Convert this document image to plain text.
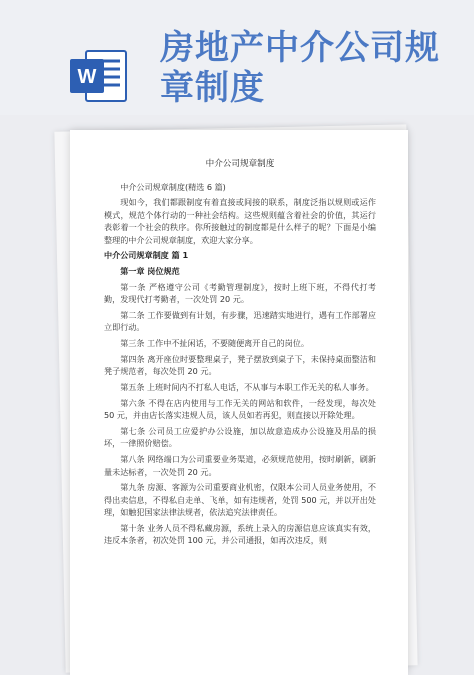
W
房地产中介公司规章制度
中介公司规章制度

中介公司规章制度(精选 6 篇)

现如今，我们都跟制度有着直接或间接的联系，制度泛指以规则或运作模式，规范个体行动的一种社会结构。这些规则蕴含着社会的价值，其运行表彰着一个社会的秩序。你所接触过的制度都是什么样子的呢？下面是小编整理的中介公司规章制度，欢迎大家分享。

中介公司规章制度 篇 1

第一章 岗位规范

第一条 严格遵守公司《考勤管理制度》，按时上班下班，不得代打考勤，发现代打考勤者，一次处罚 20 元。

第二条 工作要做到有计划，有步骤，迅速踏实地进行，遇有工作部署应立即行动。

第三条 工作中不扯闲话，不要随便离开自己的岗位。

第四条 离开座位时要整理桌子，凳子摆放到桌子下，未保持桌面整洁和凳子规范者，每次处罚 20 元。

第五条 上班时间内不打私人电话，不从事与本职工作无关的私人事务。

第六条 不得在店内使用与工作无关的网站和软件，一经发现，每次处 50 元，并由店长落实违规人员，该人员如若再犯，则直接以开除处理。

第七条 公司员工应爱护办公设施，加以故意造成办公设施及用品的损坏，一律照价赔偿。

第八条 网络端口为公司重要业务渠道，必须规范使用，按时刷新，刷新量未达标者，一次处罚 20 元。

第九条 房源、客源为公司重要商业机密，仅限本公司人员业务使用，不得出卖信息，不得私自走单、飞单，如有违规者，处罚 500 元，并以开出处理，如触犯国家法律法规者，依法追究法律责任。

第十条 业务人员不得私藏房源，系统上录入的房源信息应该真实有效，违反本条者，初次处罚 100 元，并公司通报，如再次违反，则
